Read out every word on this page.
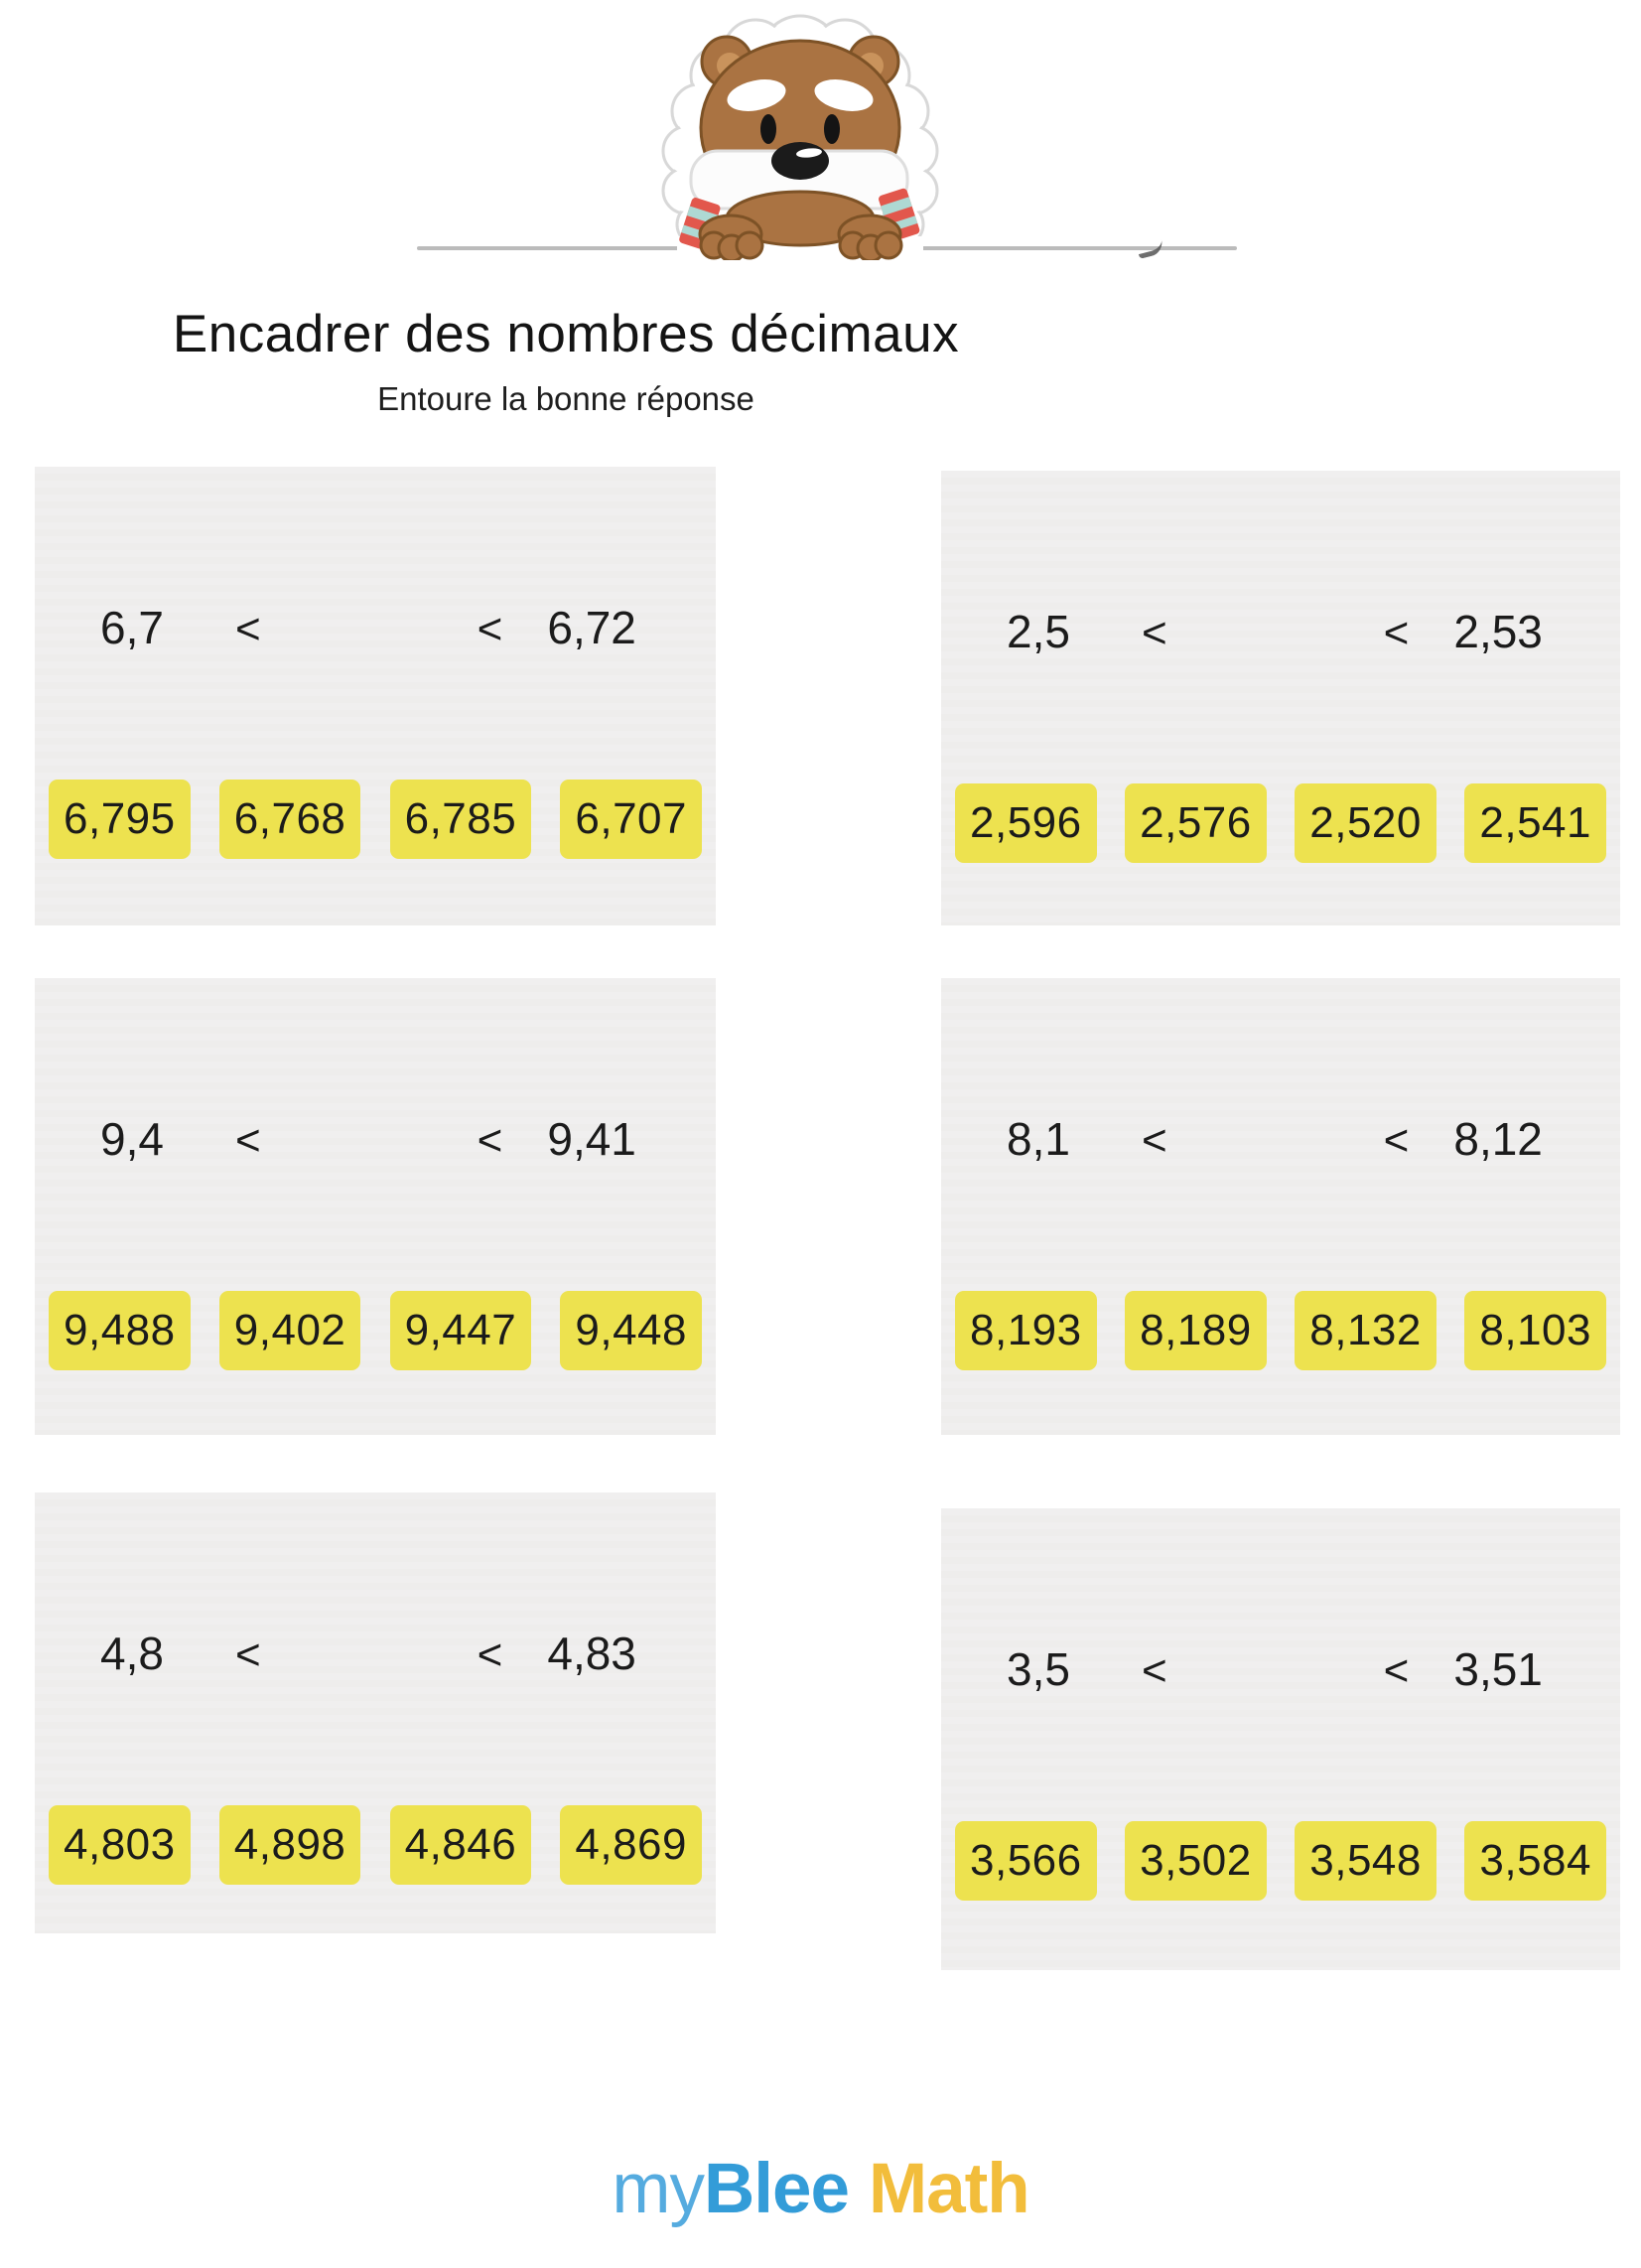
Encadrer des nombres décimaux
Entoure la bonne réponse
6,7 <	< 6,72
6,795	6,768	6,785	6,707
2,5 <	< 2,53
2,596	2,576	2,520	2,541
9,4 <	< 9,41
9,488	9,402	9,447	9,448
8,1 <	< 8,12
8,193	8,189	8,132	8,103
4,8 <	< 4,83
4,803	4,898	4,846	4,869
3,5 <	< 3,51
3,566	3,502	3,548	3,584
myBlee Math
